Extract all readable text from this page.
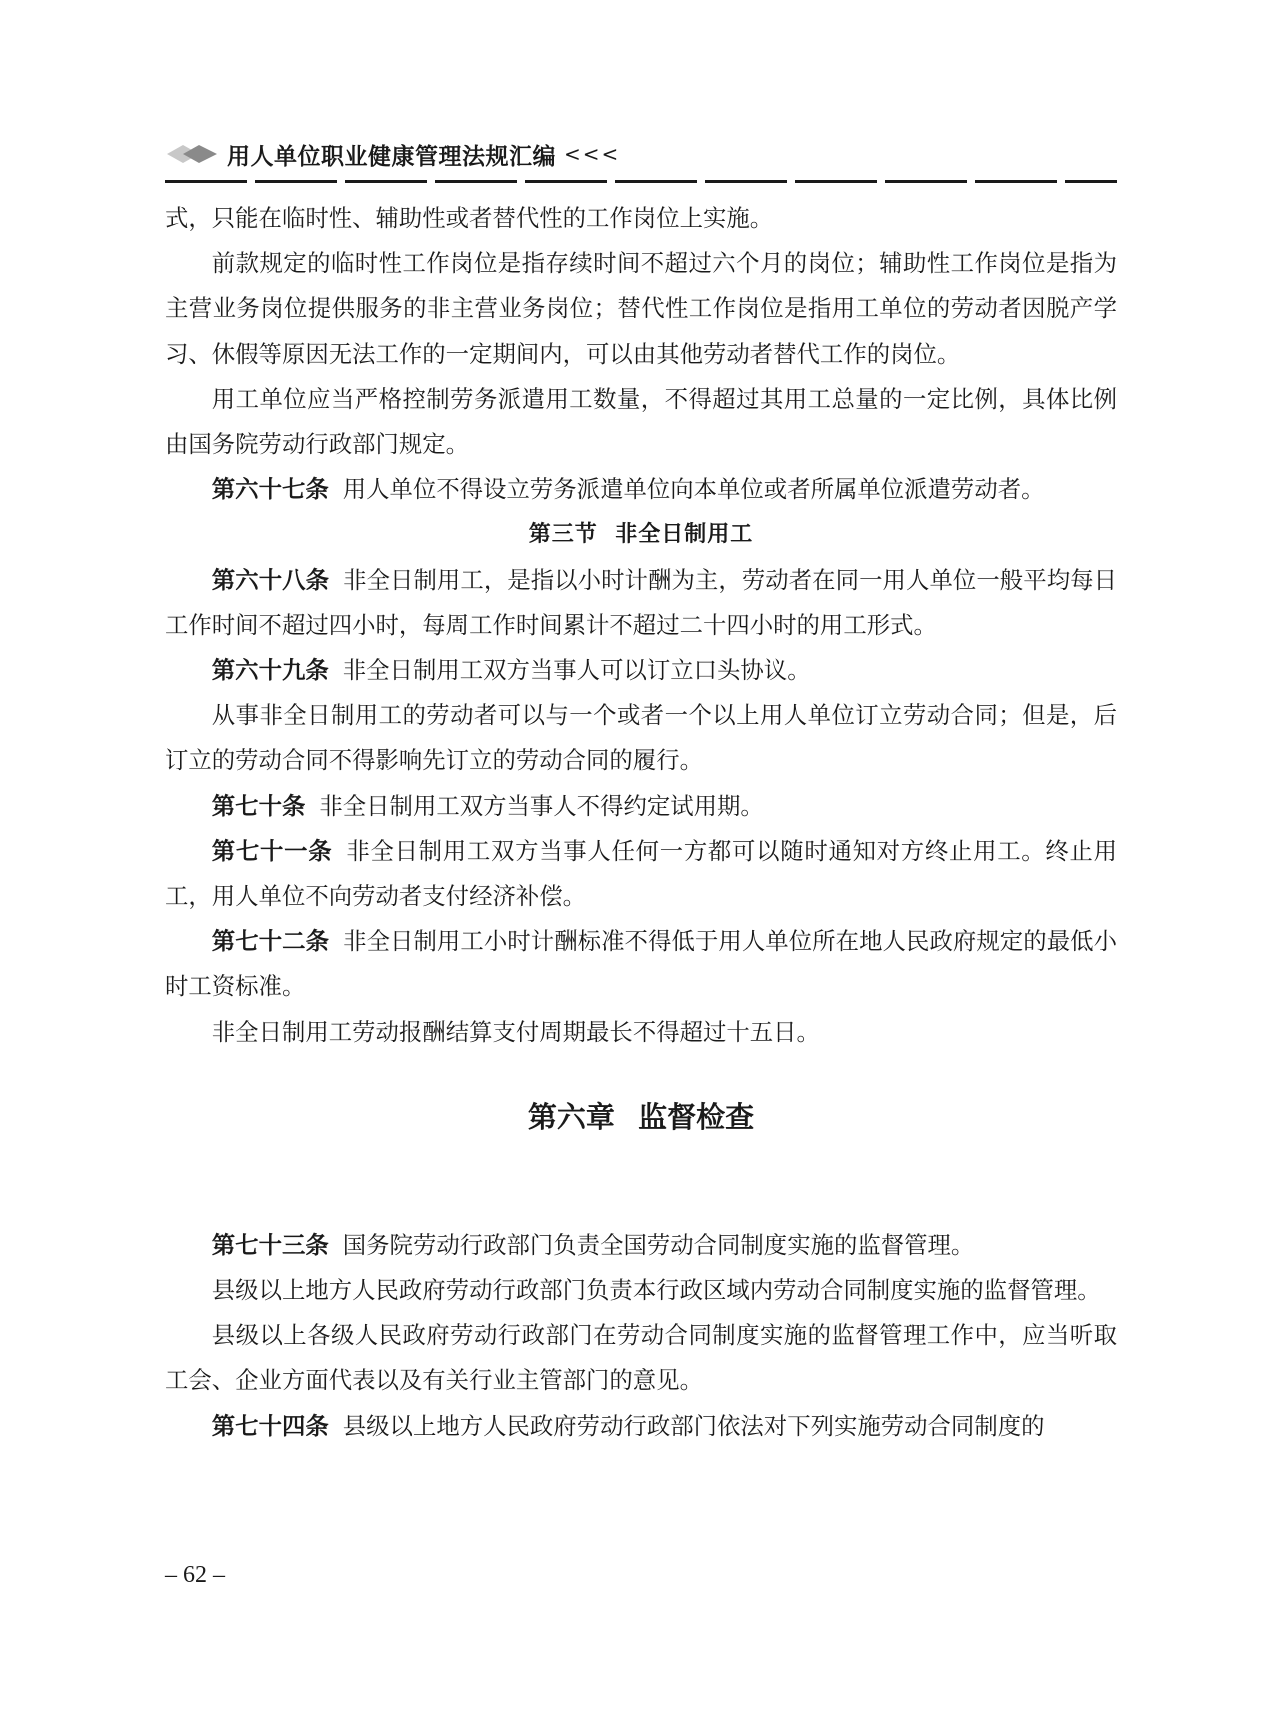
用人单位职业健康管理法规汇编 <<<

式，只能在临时性、辅助性或者替代性的工作岗位上实施。

前款规定的临时性工作岗位是指存续时间不超过六个月的岗位；辅助性工作岗位是指为主营业务岗位提供服务的非主营业务岗位；替代性工作岗位是指用工单位的劳动者因脱产学习、休假等原因无法工作的一定期间内，可以由其他劳动者替代工作的岗位。

用工单位应当严格控制劳务派遣用工数量，不得超过其用工总量的一定比例，具体比例由国务院劳动行政部门规定。

第六十七条 用人单位不得设立劳务派遣单位向本单位或者所属单位派遣劳动者。

第三节 非全日制用工

第六十八条 非全日制用工，是指以小时计酬为主，劳动者在同一用人单位一般平均每日工作时间不超过四小时，每周工作时间累计不超过二十四小时的用工形式。

第六十九条 非全日制用工双方当事人可以订立口头协议。

从事非全日制用工的劳动者可以与一个或者一个以上用人单位订立劳动合同；但是，后订立的劳动合同不得影响先订立的劳动合同的履行。

第七十条 非全日制用工双方当事人不得约定试用期。

第七十一条 非全日制用工双方当事人任何一方都可以随时通知对方终止用工。终止用工，用人单位不向劳动者支付经济补偿。

第七十二条 非全日制用工小时计酬标准不得低于用人单位所在地人民政府规定的最低小时工资标准。

非全日制用工劳动报酬结算支付周期最长不得超过十五日。

第六章 监督检查

第七十三条 国务院劳动行政部门负责全国劳动合同制度实施的监督管理。

县级以上地方人民政府劳动行政部门负责本行政区域内劳动合同制度实施的监督管理。

县级以上各级人民政府劳动行政部门在劳动合同制度实施的监督管理工作中，应当听取工会、企业方面代表以及有关行业主管部门的意见。

第七十四条 县级以上地方人民政府劳动行政部门依法对下列实施劳动合同制度的

– 62 –
